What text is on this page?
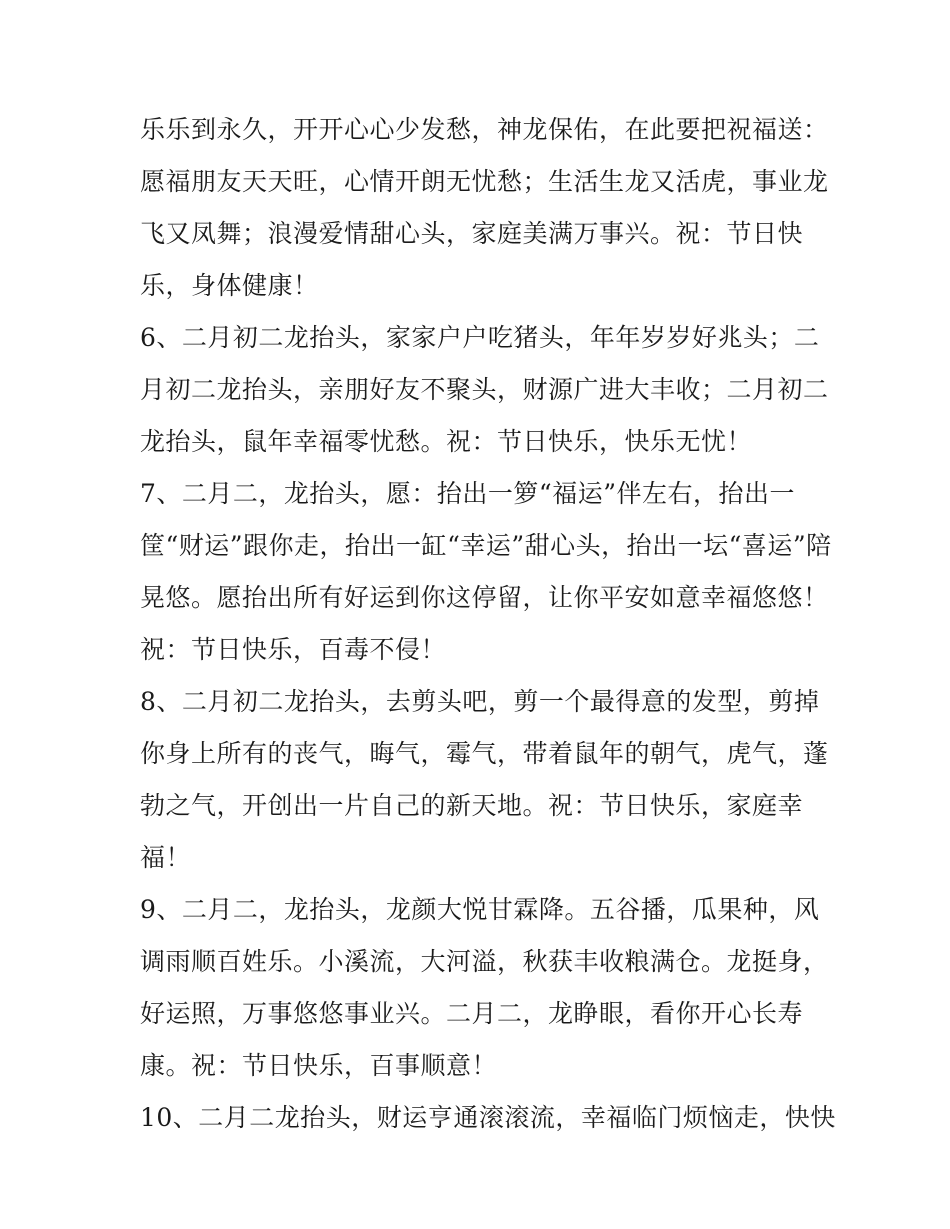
乐乐到永久，开开心心少发愁，神龙保佑，在此要把祝福送：
愿福朋友天天旺，心情开朗无忧愁；生活生龙又活虎，事业龙
飞又凤舞；浪漫爱情甜心头，家庭美满万事兴。祝：节日快
乐，身体健康！
6、二月初二龙抬头，家家户户吃猪头，年年岁岁好兆头；二
月初二龙抬头，亲朋好友不聚头，财源广进大丰收；二月初二
龙抬头，鼠年幸福零忧愁。祝：节日快乐，快乐无忧！
7、二月二，龙抬头，愿：抬出一箩“福运”伴左右，抬出一
筐“财运”跟你走，抬出一缸“幸运”甜心头，抬出一坛“喜运”陪
晃悠。愿抬出所有好运到你这停留，让你平安如意幸福悠悠！
祝：节日快乐，百毒不侵！
8、二月初二龙抬头，去剪头吧，剪一个最得意的发型，剪掉
你身上所有的丧气，晦气，霉气，带着鼠年的朝气，虎气，蓬
勃之气，开创出一片自己的新天地。祝：节日快乐，家庭幸
福！
9、二月二，龙抬头，龙颜大悦甘霖降。五谷播，瓜果种，风
调雨顺百姓乐。小溪流，大河溢，秋获丰收粮满仓。龙挺身，
好运照，万事悠悠事业兴。二月二，龙睁眼，看你开心长寿
康。祝：节日快乐，百事顺意！
10、二月二龙抬头，财运亨通滚滚流，幸福临门烦恼走，快快
